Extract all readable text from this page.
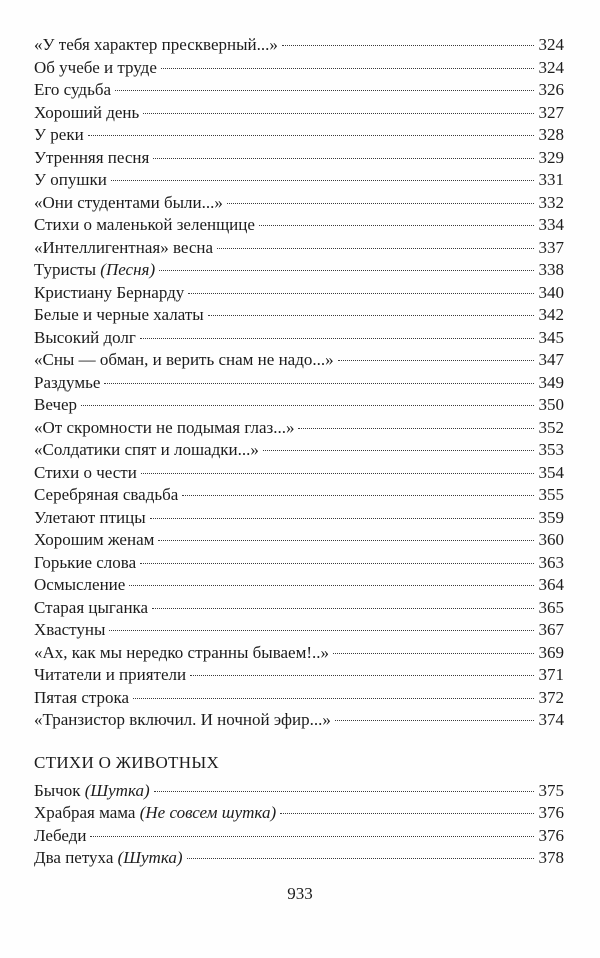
«У тебя характер прескверный...»	324
Об учебе и труде	324
Его судьба	326
Хороший день	327
У реки	328
Утренняя песня	329
У опушки	331
«Они студентами были...»	332
Стихи о маленькой зеленщице	334
«Интеллигентная» весна	337
Туристы (Песня)	338
Кристиану Бернарду	340
Белые и черные халаты	342
Высокий долг	345
«Сны — обман, и верить снам не надо...»	347
Раздумье	349
Вечер	350
«От скромности не подымая глаз...»	352
«Солдатики спят и лошадки...»	353
Стихи о чести	354
Серебряная свадьба	355
Улетают птицы	359
Хорошим женам	360
Горькие слова	363
Осмысление	364
Старая цыганка	365
Хвастуны	367
«Ах, как мы нередко странны бываем!..»	369
Читатели и приятели	371
Пятая строка	372
«Транзистор включил. И ночной эфир...»	374
СТИХИ О ЖИВОТНЫХ
Бычок (Шутка)	375
Храбрая мама (Не совсем шутка)	376
Лебеди	376
Два петуха (Шутка)	378
933
